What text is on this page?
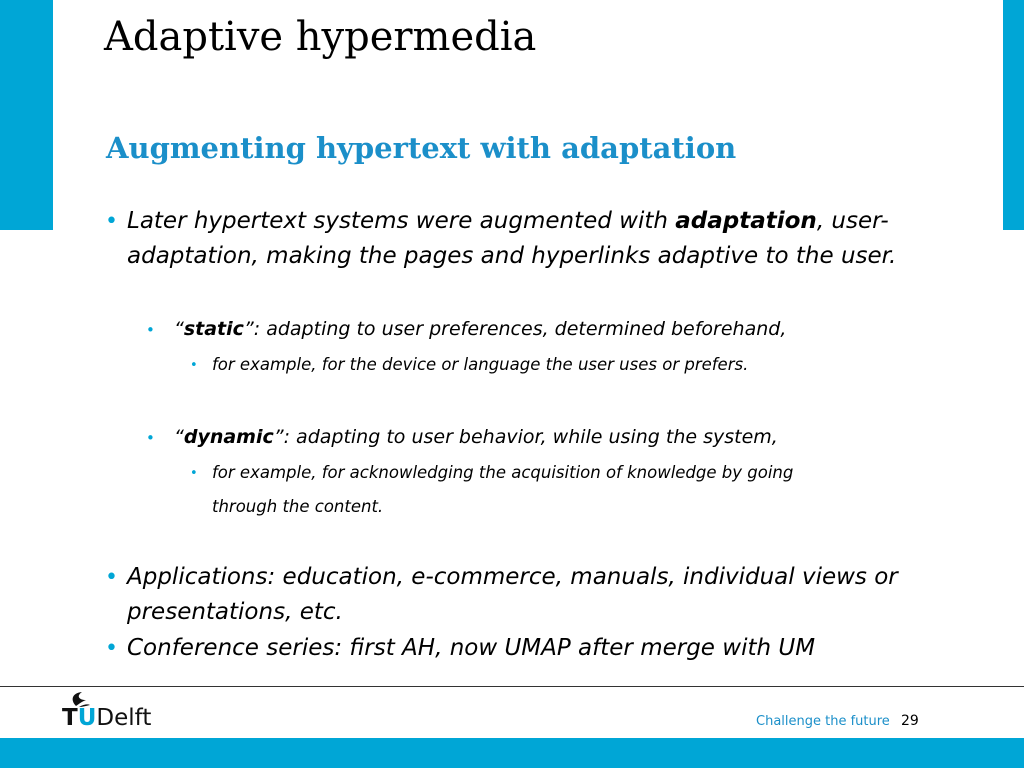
Adaptive hypermedia
Augmenting hypertext with adaptation
• Later hypertext systems were augmented with adaptation, user-
adaptation, making the pages and hyperlinks adaptive to the user.
• “static”: adapting to user preferences, determined beforehand,
• for example, for the device or language the user uses or prefers.
• “dynamic”: adapting to user behavior, while using the system,
• for example, for acknowledging the acquisition of knowledge by going
through the content.
• Applications: education, e-commerce, manuals, individual views or
presentations, etc.
• Conference series: first AH, now UMAP after merge with UM
TUDelft	Challenge the future 29
